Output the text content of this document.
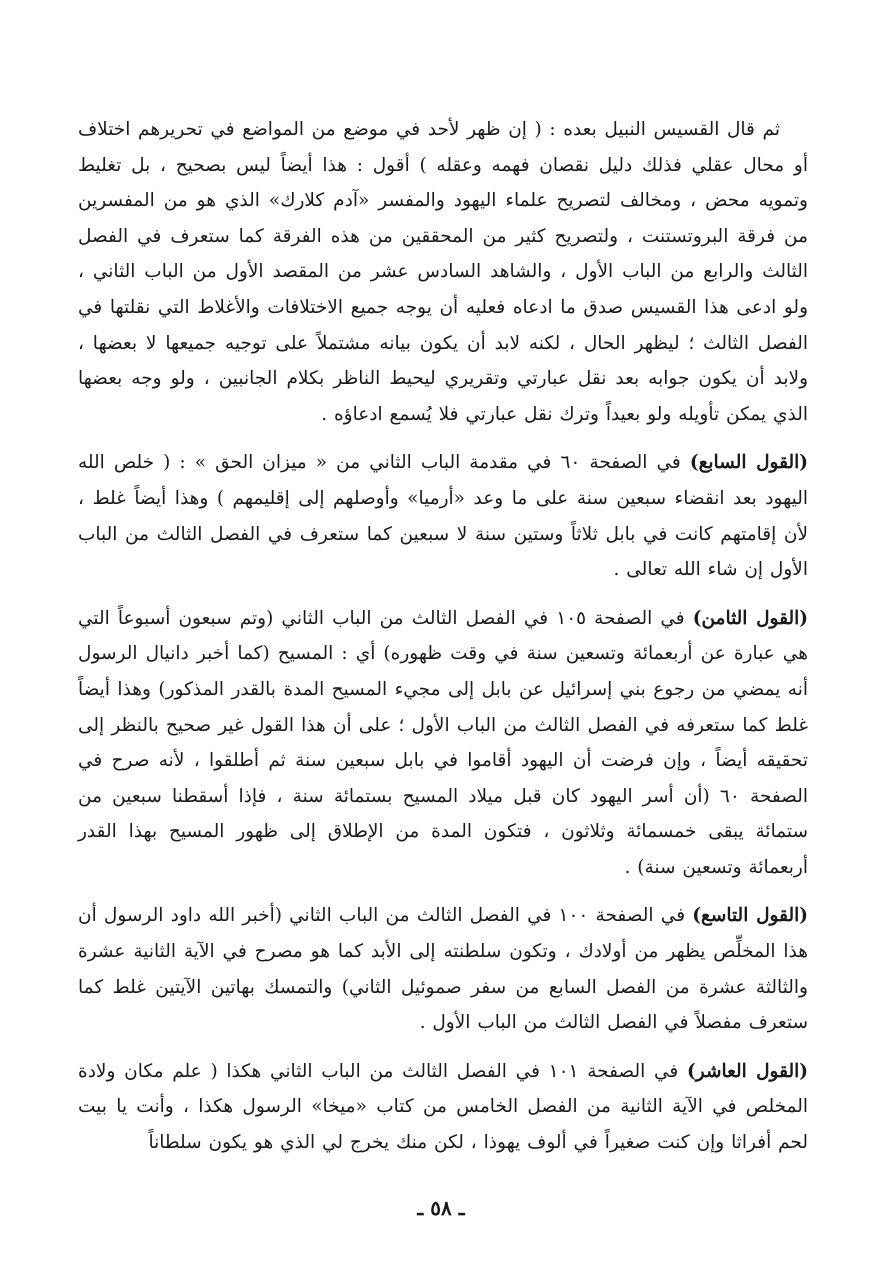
ثم قال القسيس النبيل بعده : ( إن ظهر لأحد في موضع من المواضع في تحريرهم اختلاف أو محال عقلي فذلك دليل نقصان فهمه وعقله ) أقول : هذا أيضاً ليس بصحيح ، بل تغليط وتمويه محض ، ومخالف لتصريح علماء اليهود والمفسر «آدم كلارك» الذي هو من المفسرين من فرقة البروتستنت ، ولتصريح كثير من المحققين من هذه الفرقة كما ستعرف في الفصل الثالث والرابع من الباب الأول ، والشاهد السادس عشر من المقصد الأول من الباب الثاني ، ولو ادعى هذا القسيس صدق ما ادعاه فعليه أن يوجه جميع الاختلافات والأغلاط التي نقلتها في الفصل الثالث ؛ ليظهر الحال ، لكنه لابد أن يكون بيانه مشتملاً على توجيه جميعها لا بعضها ، ولابد أن يكون جوابه بعد نقل عبارتي وتقريري ليحيط الناظر بكلام الجانبين ، ولو وجه بعضها الذي يمكن تأويله ولو بعيداً وترك نقل عبارتي فلا يُسمع ادعاؤه .

(القول السابع) في الصفحة ٦٠ في مقدمة الباب الثاني من « ميزان الحق » : ( خلص الله اليهود بعد انقضاء سبعين سنة على ما وعد «أرميا» وأوصلهم إلى إقليمهم ) وهذا أيضاً غلط ، لأن إقامتهم كانت في بابل ثلاثاً وستين سنة لا سبعين كما ستعرف في الفصل الثالث من الباب الأول إن شاء الله تعالى .

(القول الثامن) في الصفحة ١٠٥ في الفصل الثالث من الباب الثاني (وتم سبعون أسبوعاً التي هي عبارة عن أربعمائة وتسعين سنة في وقت ظهوره) أي : المسيح (كما أخبر دانيال الرسول أنه يمضي من رجوع بني إسرائيل عن بابل إلى مجيء المسيح المدة بالقدر المذكور) وهذا أيضاً غلط كما ستعرفه في الفصل الثالث من الباب الأول ؛ على أن هذا القول غير صحيح بالنظر إلى تحقيقه أيضاً ، وإن فرضت أن اليهود أقاموا في بابل سبعين سنة ثم أطلقوا ، لأنه صرح في الصفحة ٦٠ (أن أسر اليهود كان قبل ميلاد المسيح بستمائة سنة ، فإذا أسقطنا سبعين من ستمائة يبقى خمسمائة وثلاثون ، فتكون المدة من الإطلاق إلى ظهور المسيح بهذا القدر أربعمائة وتسعين سنة) .

(القول التاسع) في الصفحة ١٠٠ في الفصل الثالث من الباب الثاني (أخبر الله داود الرسول أن هذا المخلِّص يظهر من أولادك ، وتكون سلطنته إلى الأبد كما هو مصرح في الآية الثانية عشرة والثالثة عشرة من الفصل السابع من سفر صموئيل الثاني) والتمسك بهاتين الآيتين غلط كما ستعرف مفصلاً في الفصل الثالث من الباب الأول .

(القول العاشر) في الصفحة ١٠١ في الفصل الثالث من الباب الثاني هكذا ( علم مكان ولادة المخلص في الآية الثانية من الفصل الخامس من كتاب «ميخا» الرسول هكذا ، وأنت يا بيت لحم أفراثا وإن كنت صغيراً في ألوف يهوذا ، لكن منك يخرج لي الذي هو يكون سلطاناً

ـ ٥٨ ـ
